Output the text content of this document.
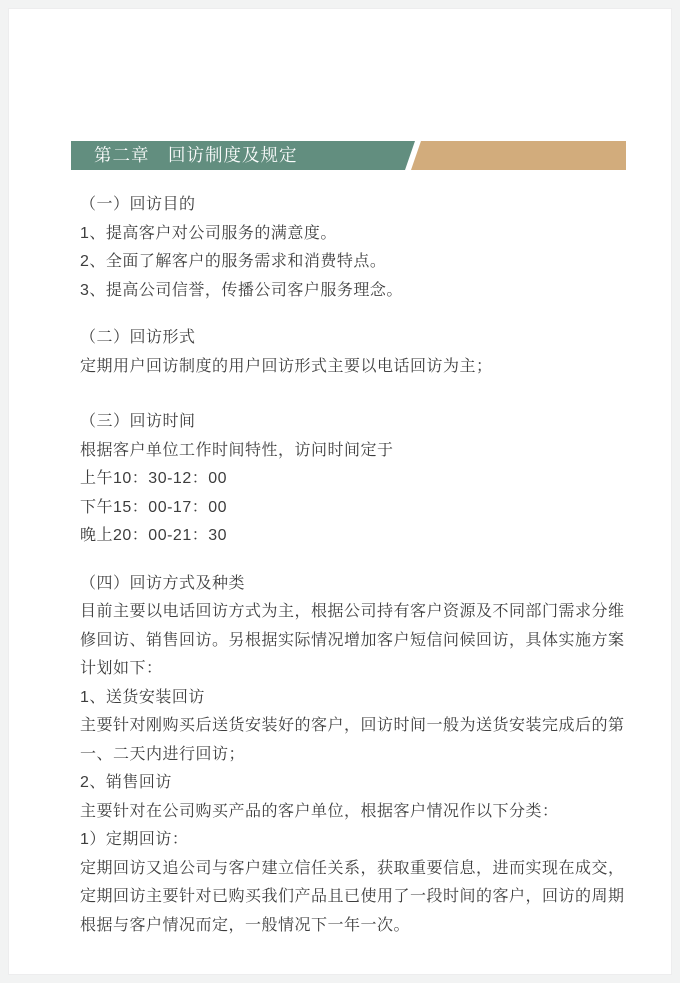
第二章　回访制度及规定
（一）回访目的
1、提高客户对公司服务的满意度。
2、全面了解客户的服务需求和消费特点。
3、提高公司信誉，传播公司客户服务理念。
（二）回访形式
定期用户回访制度的用户回访形式主要以电话回访为主；
（三）回访时间
根据客户单位工作时间特性，访问时间定于
上午10：30-12：00
下午15：00-17：00
晚上20：00-21：30
（四）回访方式及种类
目前主要以电话回访方式为主，根据公司持有客户资源及不同部门需求分维
修回访、销售回访。另根据实际情况增加客户短信问候回访，具体实施方案
计划如下：
1、送货安装回访
主要针对刚购买后送货安装好的客户，回访时间一般为送货安装完成后的第
一、二天内进行回访；
2、销售回访
主要针对在公司购买产品的客户单位，根据客户情况作以下分类：
1）定期回访：
定期回访又追公司与客户建立信任关系，获取重要信息，进而实现在成交，
定期回访主要针对已购买我们产品且已使用了一段时间的客户，回访的周期
根据与客户情况而定，一般情况下一年一次。
